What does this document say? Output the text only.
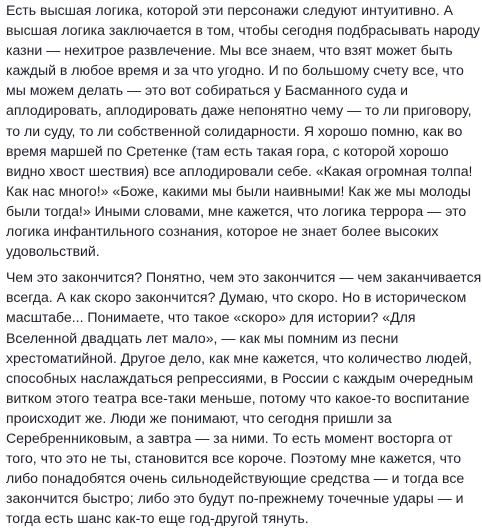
Есть высшая логика, которой эти персонажи следуют интуитивно. А
высшая логика заключается в том, чтобы сегодня подбрасывать народу
казни — нехитрое развлечение. Мы все знаем, что взят может быть
каждый в любое время и за что угодно. И по большому счету все, что
мы можем делать — это вот собираться у Басманного суда и
аплодировать, аплодировать даже непонятно чему — то ли приговору,
то ли суду, то ли собственной солидарности. Я хорошо помню, как во
время маршей по Сретенке (там есть такая гора, с которой хорошо
видно хвост шествия) все аплодировали себе. «Какая огромная толпа!
Как нас много!» «Боже, какими мы были наивными! Как же мы молоды
были тогда!» Иными словами, мне кажется, что логика террора — это
логика инфантильного сознания, которое не знает более высоких
удовольствий.
Чем это закончится? Понятно, чем это закончится — чем заканчивается
всегда. А как скоро закончится? Думаю, что скоро. Но в историческом
масштабе... Понимаете, что такое «скоро» для истории? «Для
Вселенной двадцать лет мало», — как мы помним из песни
хрестоматийной. Другое дело, как мне кажется, что количество людей,
способных наслаждаться репрессиями, в России с каждым очередным
витком этого театра все-таки меньше, потому что какое-то воспитание
происходит же. Люди же понимают, что сегодня пришли за
Серебренниковым, а завтра — за ними. То есть момент восторга от
того, что это не ты, становится все короче. Поэтому мне кажется, что
либо понадобятся очень сильнодействующие средства — и тогда все
закончится быстро; либо это будут по-прежнему точечные удары — и
тогда есть шанс как-то еще год-другой тянуть.
